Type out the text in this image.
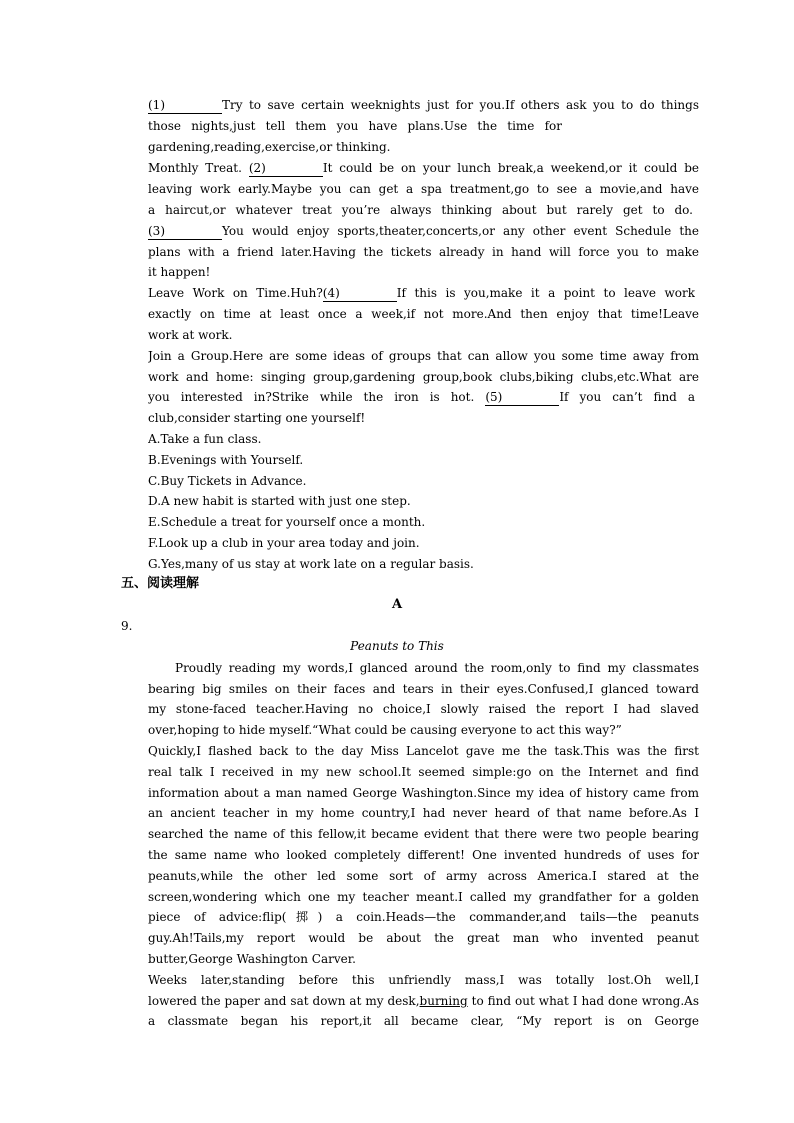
(1)	Try to save certain weeknights just for you.If others ask you to do things
those nights,just tell them you have plans.Use the time for
gardening,reading,exercise,or thinking.
Monthly Treat. (2)	It could be on your lunch break,a weekend,or it could be
leaving work early.Maybe you can get a spa treatment,go to see a movie,and have
a haircut,or whatever treat you’re always thinking about but rarely get to do.
(3)	You would enjoy sports,theater,concerts,or any other event Schedule the
plans with a friend later.Having the tickets already in hand will force you to make
it happen!
Leave Work on Time.Huh?(4)	If this is you,make it a point to leave work
exactly on time at least once a week,if not more.And then enjoy that time!Leave
work at work.
Join a Group.Here are some ideas of groups that can allow you some time away from
work and home: singing group,gardening group,book clubs,biking clubs,etc.What are
you interested in?Strike while the iron is hot. (5)	If you can’t find a
club,consider starting one yourself!
A.Take a fun class.
B.Evenings with Yourself.
C.Buy Tickets in Advance.
D.A new habit is started with just one step.
E.Schedule a treat for yourself once a month.
F.Look up a club in your area today and join.
G.Yes,many of us stay at work late on a regular basis.
五、阅读理解
A
9.
Peanuts to This
Proudly reading my words,I glanced around the room,only to find my classmates
bearing big smiles on their faces and tears in their eyes.Confused,I glanced toward
my stone-faced teacher.Having no choice,I slowly raised the report I had slaved
over,hoping to hide myself.“What could be causing everyone to act this way?”
Quickly,I flashed back to the day Miss Lancelot gave me the task.This was the first
real talk I received in my new school.It seemed simple:go on the Internet and find
information about a man named George Washington.Since my idea of history came from
an ancient teacher in my home country,I had never heard of that name before.As I
searched the name of this fellow,it became evident that there were two people bearing
the same name who looked completely different! One invented hundreds of uses for
peanuts,while the other led some sort of army across America.I stared at the
screen,wondering which one my teacher meant.I called my grandfather for a golden
piece of advice:flip(掷) a coin.Heads—the commander,and tails—the peanuts
guy.Ah!Tails,my report would be about the great man who invented peanut
butter,George Washington Carver.
Weeks later,standing before this unfriendly mass,I was totally lost.Oh well,I
lowered the paper and sat down at my desk,burning to find out what I had done wrong.As
a classmate began his report,it all became clear, “My report is on George
